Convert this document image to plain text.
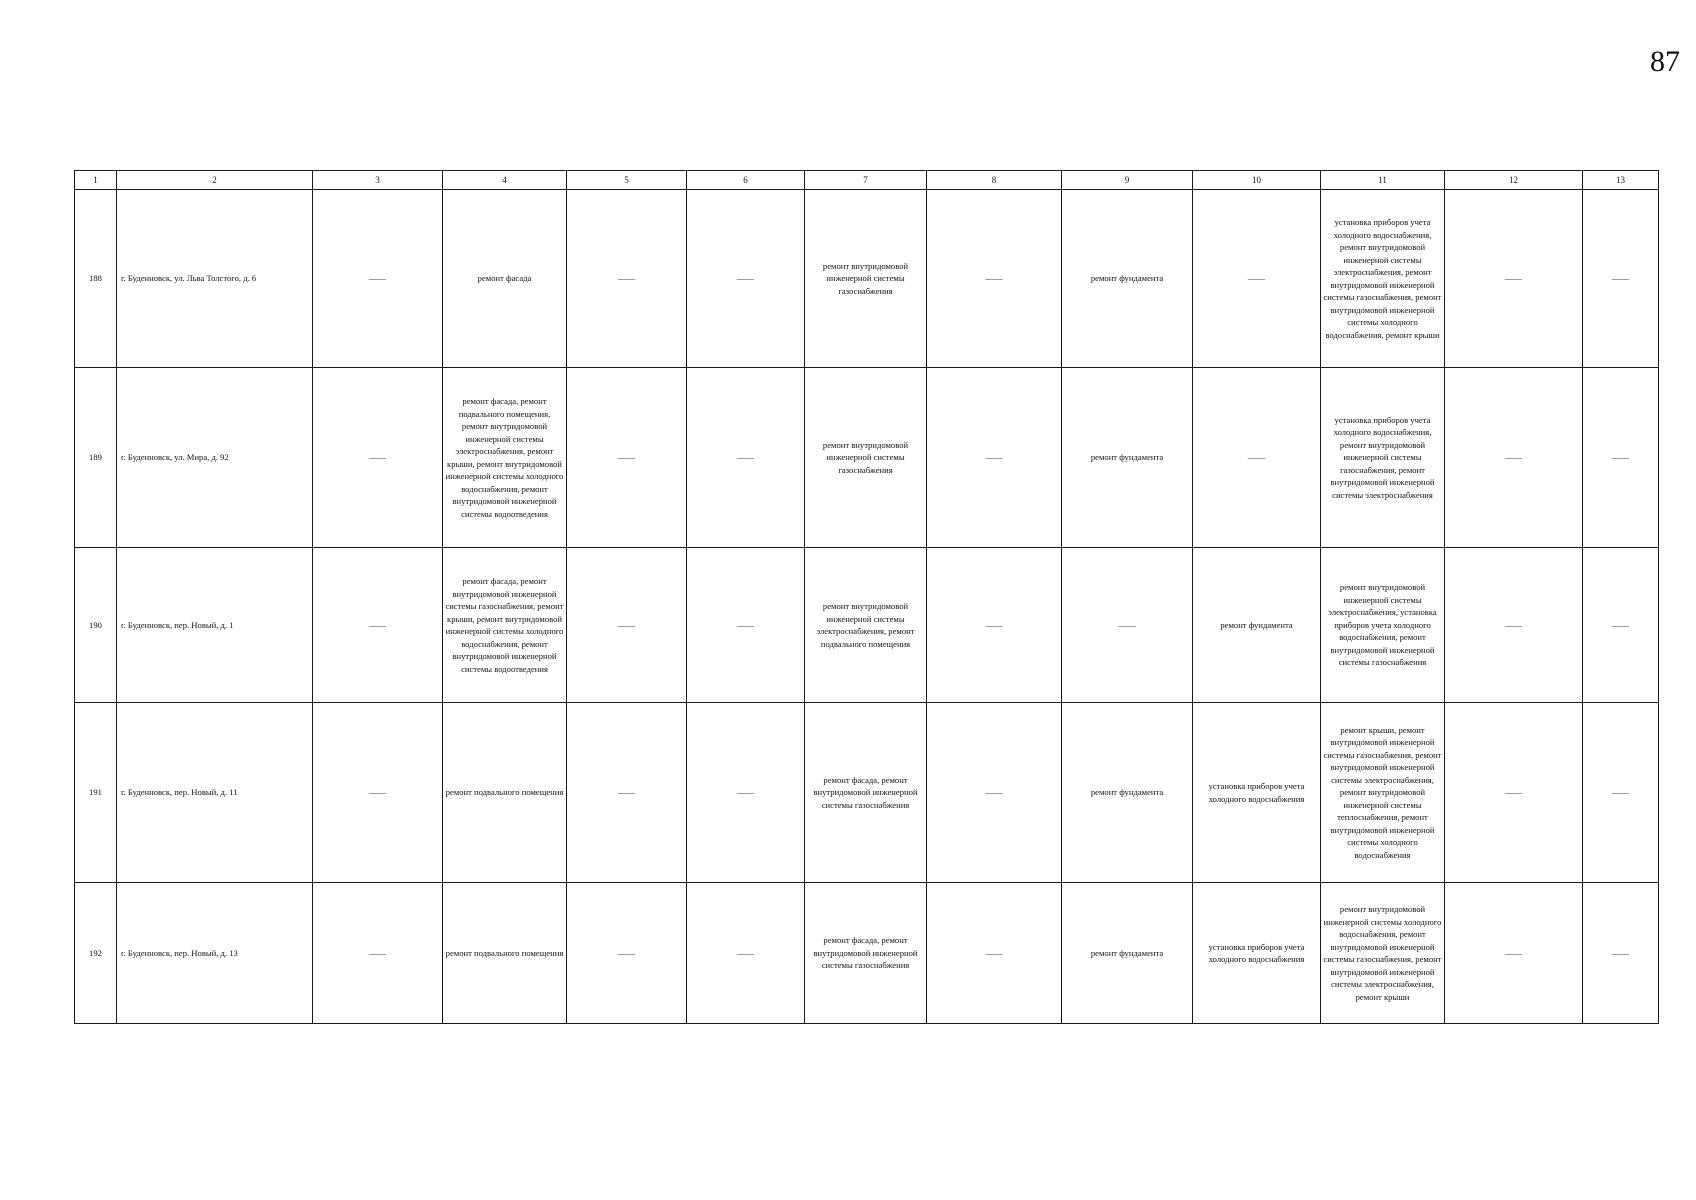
87
1	2	3	4	5	6	7	8	9	10	11	12	13
188	г. Буденновск, ул. Льва Толстого, д. 6	——	ремонт фасада	——	——	ремонт внутридомовой инженерной системы газоснабжения	——	ремонт фундамента	——	установка приборов учета холодного водоснабжения, ремонт внутридомовой инженерной системы электроснабжения, ремонт внутридомовой инженерной системы газоснабжения, ремонт внутридомовой инженерной системы холодного водоснабжения, ремонт крыши	——	——
189	г. Буденновск, ул. Мира, д. 92	——	ремонт фасада, ремонт подвального помещения, ремонт внутридомовой инженерной системы электроснабжения, ремонт крыши, ремонт внутридомовой инженерной системы холодного водоснабжения, ремонт внутридомовой инженерной системы водоотведения	——	——	ремонт внутридомовой инженерной системы газоснабжения	——	ремонт фундамента	——	установка приборов учета холодного водоснабжения, ремонт внутридомовой инженерной системы газоснабжения, ремонт внутридомовой инженерной системы электроснабжения	——	——
190	г. Буденновск, пер. Новый, д. 1	——	ремонт фасада, ремонт внутридомовой инженерной системы газоснабжения, ремонт крыши, ремонт внутридомовой инженерной системы холодного водоснабжения, ремонт внутридомовой инженерной системы водоотведения	——	——	ремонт внутридомовой инженерной системы электроснабжения, ремонт подвального помещения	——	——	ремонт фундамента	ремонт внутридомовой инженерной системы электроснабжения, установка приборов учета холодного водоснабжения, ремонт внутридомовой инженерной системы газоснабжения	——	——
191	г. Буденновск, пер. Новый, д. 11	——	ремонт подвального помещения	——	——	ремонт фасада, ремонт внутридомовой инженерной системы газоснабжения	——	ремонт фундамента	установка приборов учета холодного водоснабжения	ремонт крыши, ремонт внутридомовой инженерной системы газоснабжения, ремонт внутридомовой инженерной системы электроснабжения, ремонт внутридомовой инженерной системы теплоснабжения, ремонт внутридомовой инженерной системы холодного водоснабжения	——	——
192	г. Буденновск, пер. Новый, д. 13	——	ремонт подвального помещения	——	——	ремонт фасада, ремонт внутридомовой инженерной системы газоснабжения	——	ремонт фундамента	установка приборов учета холодного водоснабжения	ремонт внутридомовой инженерной системы холодного водоснабжения, ремонт внутридомовой инженерной системы газоснабжения, ремонт внутридомовой инженерной системы электроснабжения, ремонт крыши	——	——
